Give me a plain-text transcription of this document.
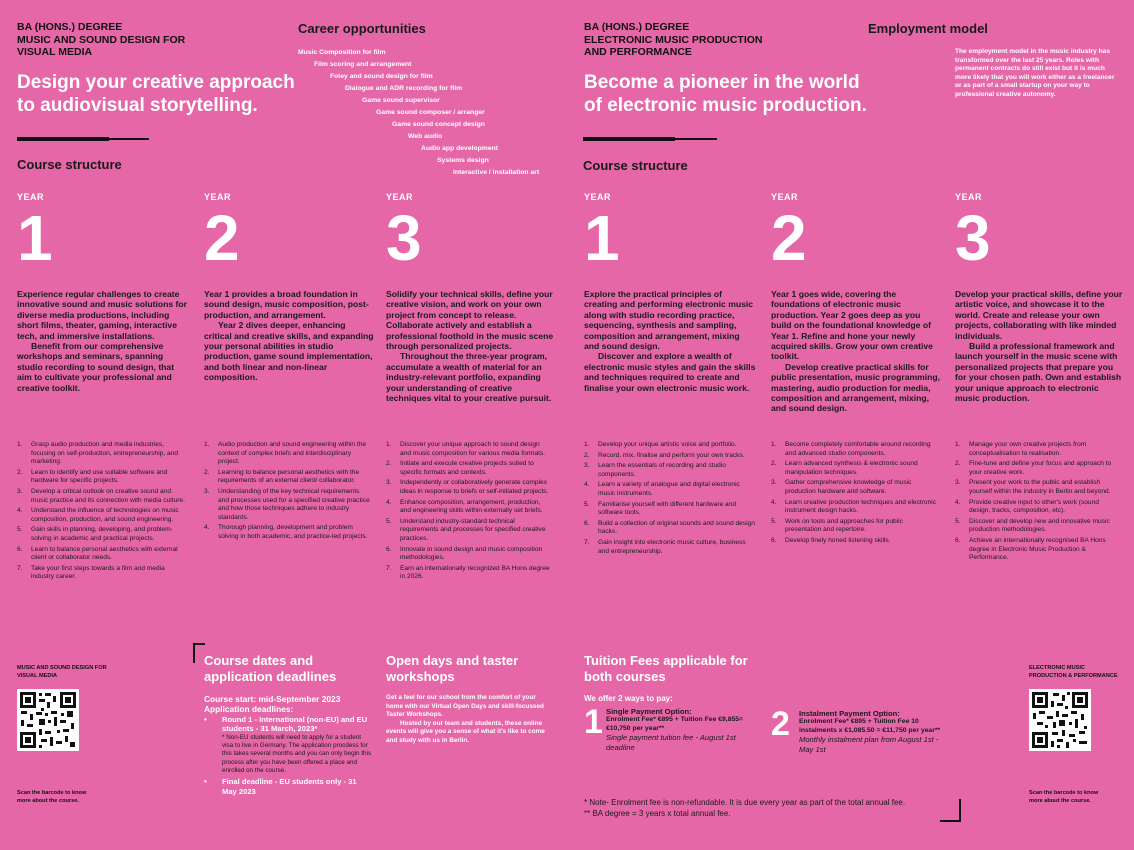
BA (HONS.) DEGREE
MUSIC AND SOUND DESIGN FOR
VISUAL MEDIA
Design your creative approach
to audiovisual storytelling.
Course structure
Career opportunities
Music Composition for film
Film scoring and arrangement
Foley and sound design for film
Dialogue and ADR recording for film
Game sound supervisor
Game sound composer / arranger
Game sound concept design
Web audio
Audio app development
Systems design
Interactive / installation art
YEAR
1
YEAR
2
YEAR
3

Experience regular challenges to create innovative sound and music solutions for diverse media productions, including short films, theater, gaming, interactive tech, and immersive installations.

Benefit from our comprehensive workshops and seminars, spanning studio recording to sound design, that aim to cultivate your professional and creative toolkit.

Year 1 provides a broad foundation in sound design, music composition, post-production, and arrangement.

Year 2 dives deeper, enhancing critical and creative skills, and expanding your personal abilities in studio production, game sound implementation, and both linear and non-linear composition.

Solidify your technical skills, define your creative vision, and work on your own project from concept to release. Collaborate actively and establish a professional foothold in the music scene through personalized projects.

Throughout the three-year program, accumulate a wealth of material for an industry-relevant portfolio, expanding your understanding of creative techniques vital to your creative pursuit.

1.	Grasp audio production and media industries, focusing on self-production, entrepreneurship, and marketing.
2.	Learn to identify and use suitable software and hardware for specific projects.
3.	Develop a critical outlook on creative sound and music practice and its connection with media culture.
4.	Understand the influence of technologies on music composition, production, and sound engineering.
5.	Gain skills in planning, developing, and problem-solving in academic and practical projects.
6.	Learn to balance personal aesthetics with external client or collaborator needs.
7.	Take your first steps towards a film and media industry career.
1.	Audio production and sound engineering within the context of complex briefs and interdisciplinary project.
2.	Learning to balance personal aesthetics with the requirements of an external client/ collaborator.
3.	Understanding of the key technical requirements and processes used for a specified creative practice and how those techniques adhere to industry standards.
4.	Thorough planning, development and problem solving in both academic, and practice-led projects.
1.	Discover your unique approach to sound design and music composition for various media formats.
2.	Initiate and execute creative projects suited to specific formats and contexts.
3.	Independently or collaboratively generate complex ideas in response to briefs or self-initiated projects.
4.	Enhance composition, arrangement, production, and engineering skills within externally set briefs.
5.	Understand industry-standard technical requirements and processes for specified creative practices.
6.	Innovate in sound design and music composition methodologies.
7.	Earn an internationally recognized BA Hons degree in 2026.
MUSIC AND SOUND DESIGN FOR
VISUAL MEDIA
Scan the barcode to know
more about the course.
Course dates and
application deadlines
Course start: mid-September 2023
Application deadlines:
•	Round 1 - International (non-EU) and EU students - 31 March, 2023*
* Non-EU students will need to apply for a student visa to live in Germany. The application procdess for this takes several months and you can only begin this process after you have been offered a place and enrolled on the course.
•	Final deadline - EU students only - 31 May 2023
Open days and taster
workshops
Get a feel for our school from the comfort of your home with our Virtual Open Days and skill-focussed Taster Workshops.
Hosted by our team and students, these online events will give you a sense of what it's like to come and study with us in Berlin.
BA (HONS.) DEGREE
ELECTRONIC MUSIC PRODUCTION
AND PERFORMANCE
Become a pioneer in the world
of electronic music production.
Course structure
Employment model
The employment model in the music industry has transformed over the last 25 years. Roles with permanent contracts do still exist but it is much more likely that you will work either as a freelancer or as part of a small startup on your way to professional creative autonomy.
YEAR
1
YEAR
2
YEAR
3

Explore the practical principles of creating and performing electronic music along with studio recording practice, sequencing, synthesis and sampling, composition and arrangement, mixing and sound design.

Discover and explore a wealth of electronic music styles and gain the skills and techniques required to create and finalise your own electronic music work.

Year 1 goes wide, covering the foundations of electronic music production. Year 2 goes deep as you build on the foundational knowledge of Year 1. Refine and hone your newly acquired skills. Grow your own creative toolkit.

Develop creative practical skills for public presentation, music programming, mastering, audio production for media, composition and arrangement, mixing, and sound design.

Develop your practical skills, define your artistic voice, and showcase it to the world. Create and release your own projects, collaborating with like minded individuals.

Build a professional framework and launch yourself in the music scene with personalized projects that prepare you for your chosen path. Own and establish your unique approach to electronic music production.

1.	Develop your unique artistic voice and portfolio.
2.	Record, mix, finalise and perform your own tracks.
3.	Learn the essentials of recording and studio components.
4.	Learn a variety of analogue and digital electronic music instruments.
5.	Familiarise yourself with different hardware and software tools.
6.	Build a collection of original sounds and sound design hacks.
7.	Gain insight into electronic music culture, business and entrepreneurship.
1.	Become completely comfortable around recording and advanced studio components.
2.	Learn advanced synthesis & electronic sound manipulation techniques.
3.	Gather comprehensive knowledge of music production hardware and software.
4.	Learn creative production techniques and electronic instrument design hacks.
5.	Work on tools and approaches for public presentation and repertoire.
6.	Develop finely honed listening skills.
1.	Manage your own creative projects from conceptualisation to realisation.
2.	Fine-tune and define your focus and approach to your creative work.
3.	Present your work to the public and establish yourself within the industry in Berlin and beyond.
4.	Provide creative input to other's work (sound design, tracks, composition, etc).
5.	Discover and develop new and innovative music production methodologies.
6.	Achieve an internationally recognised BA Hons degree in Electronic Music Production & Performance.
Tuition Fees applicable for
both courses
We offer 2 ways to pay:
1 Single Payment Option:
Enrolment Fee* €895 + Tuition Fee €9,855= €10,750 per year**
Single payment tuition fee - August 1st deadline
2	Instalment Payment Option:
Enrolment Fee* €895 + Tuition Fee 10 instalments x €1,085.50 = €11,750 per year**
Monthly instalment plan from August 1st - May 1st
* Note- Enrolment fee is non-refundable. It is due every year as part of the total annual fee.
** BA degree = 3 years x total annual fee.
ELECTRONIC MUSIC
PRODUCTION & PERFORMANCE
Scan the barcode to know
more about the course.
